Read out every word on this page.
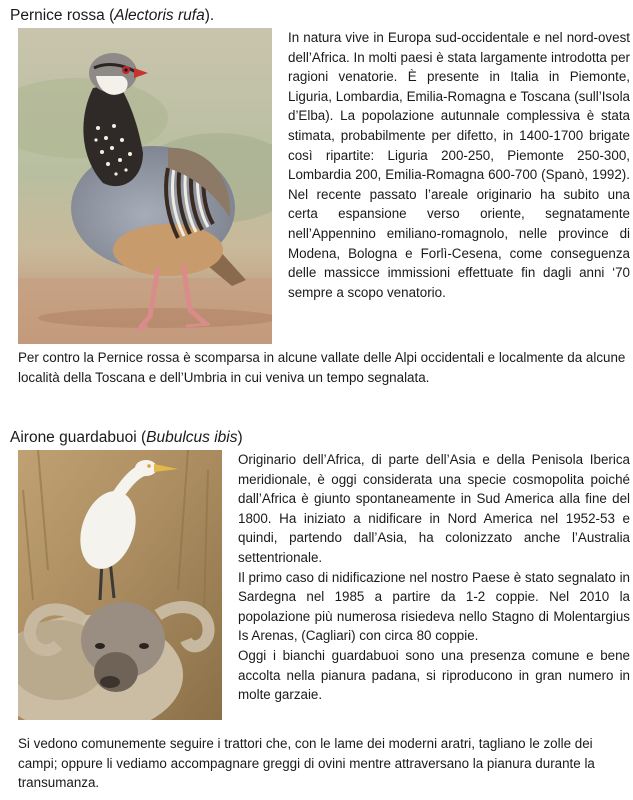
Pernice rossa (Alectoris rufa).

In natura vive in Europa sud-occidentale e nel nord-ovest dell’Africa. In molti paesi è stata largamente introdotta per ragioni venatorie. È presente in Italia in Piemonte, Liguria, Lombardia, Emilia-Romagna e Toscana (sull’Isola d’Elba). La popolazione autunnale complessiva è stata stimata, probabilmente per difetto, in 1400-1700 brigate così ripartite: Liguria 200-250, Piemonte 250-300, Lombardia 200, Emilia-Romagna 600-700 (Spanò, 1992). Nel recente passato l’areale originario ha subito una certa espansione verso oriente, segnatamente nell’Appennino emiliano-romagnolo, nelle province di Modena, Bologna e Forlì-Cesena, come conseguenza delle massicce immissioni effettuate fin dagli anni ‘70 sempre a scopo venatorio.

Per contro la Pernice rossa è scomparsa in alcune vallate delle Alpi occidentali e localmente da alcune località della Toscana e dell’Umbria in cui veniva un tempo segnalata.

Airone guardabuoi (Bubulcus ibis)

Originario dell’Africa, di parte dell’Asia e della Penisola Iberica meridionale, è oggi considerata una specie cosmopolita poiché dall’Africa è giunto spontaneamente in Sud America alla fine del 1800. Ha iniziato a nidificare in Nord America nel 1952-53 e quindi, partendo dall’Asia, ha colonizzato anche l’Australia settentrionale.

Il primo caso di nidificazione nel nostro Paese è stato segnalato in Sardegna nel 1985 a partire da 1-2 coppie. Nel 2010 la popolazione più numerosa risiedeva nello Stagno di Molentargius Is Arenas, (Cagliari) con circa 80 coppie.

Oggi i bianchi guardabuoi sono una presenza comune e bene accolta nella pianura padana, si riproducono in gran numero in molte garzaie.

Si vedono comunemente seguire i trattori che, con le lame dei moderni aratri, tagliano le zolle dei campi; oppure li vediamo accompagnare greggi di ovini mentre attraversano la pianura durante la transumanza.
